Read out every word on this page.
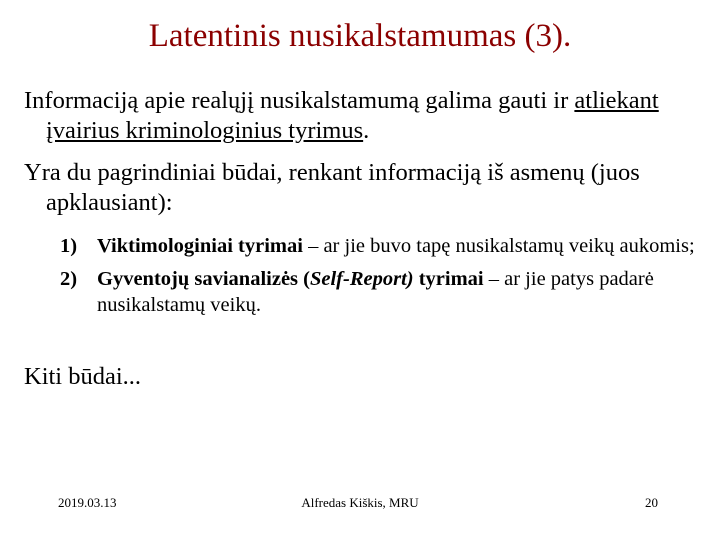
Latentinis nusikalstamumas (3).
Informaciją apie realųjį nusikalstamumą galima gauti ir atliekant įvairius kriminologinius tyrimus.
Yra du pagrindiniai būdai, renkant informaciją iš asmenų (juos apklausiant):
1) Viktimologiniai tyrimai – ar jie buvo tapę nusikalstamų veikų aukomis;
2) Gyventojų savianalizės (Self-Report) tyrimai – ar jie patys padarė nusikalstamų veikų.
Kiti būdai...
2019.03.13	Alfredas Kiškis, MRU	20
